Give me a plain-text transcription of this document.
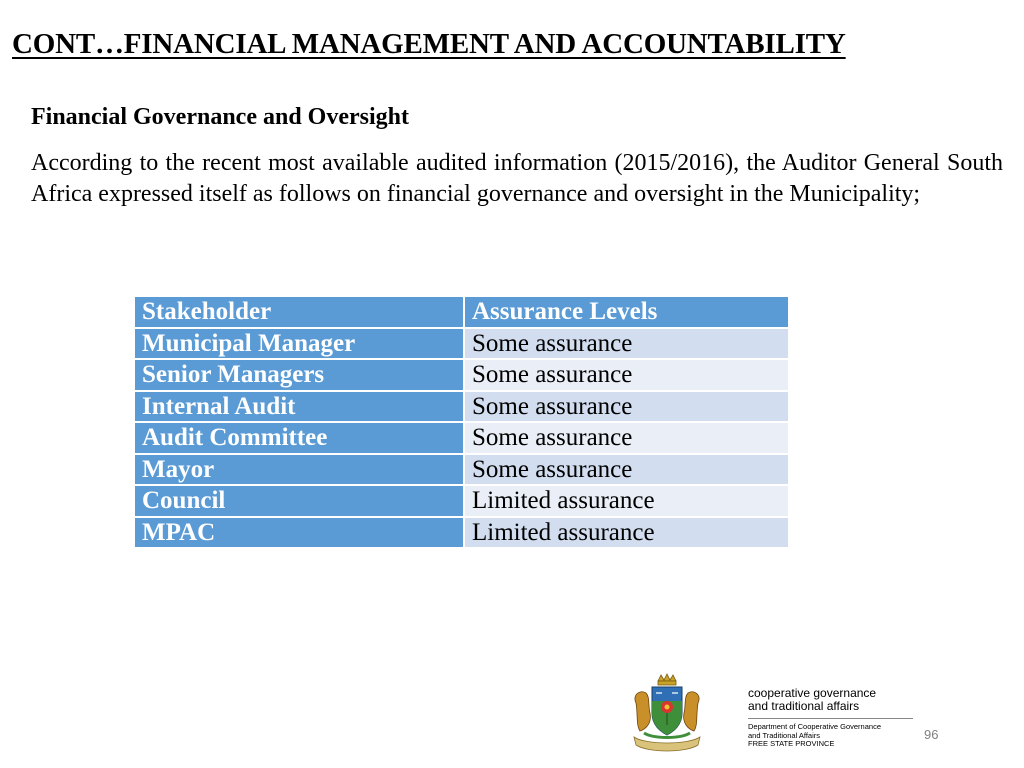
CONT…FINANCIAL MANAGEMENT AND ACCOUNTABILITY
Financial Governance and Oversight

According to the recent most available audited information (2015/2016), the Auditor General South Africa expressed itself as follows on financial governance and oversight in the Municipality;

Stakeholder	Assurance Levels
Municipal Manager	Some assurance
Senior Managers	Some assurance
Internal Audit	Some assurance
Audit Committee	Some assurance
Mayor	Some assurance
Council	Limited assurance
MPAC	Limited assurance

cooperative governance

and traditional affairs

Department of Cooperative Governance

and Traditional Affairs

FREE STATE PROVINCE

96
